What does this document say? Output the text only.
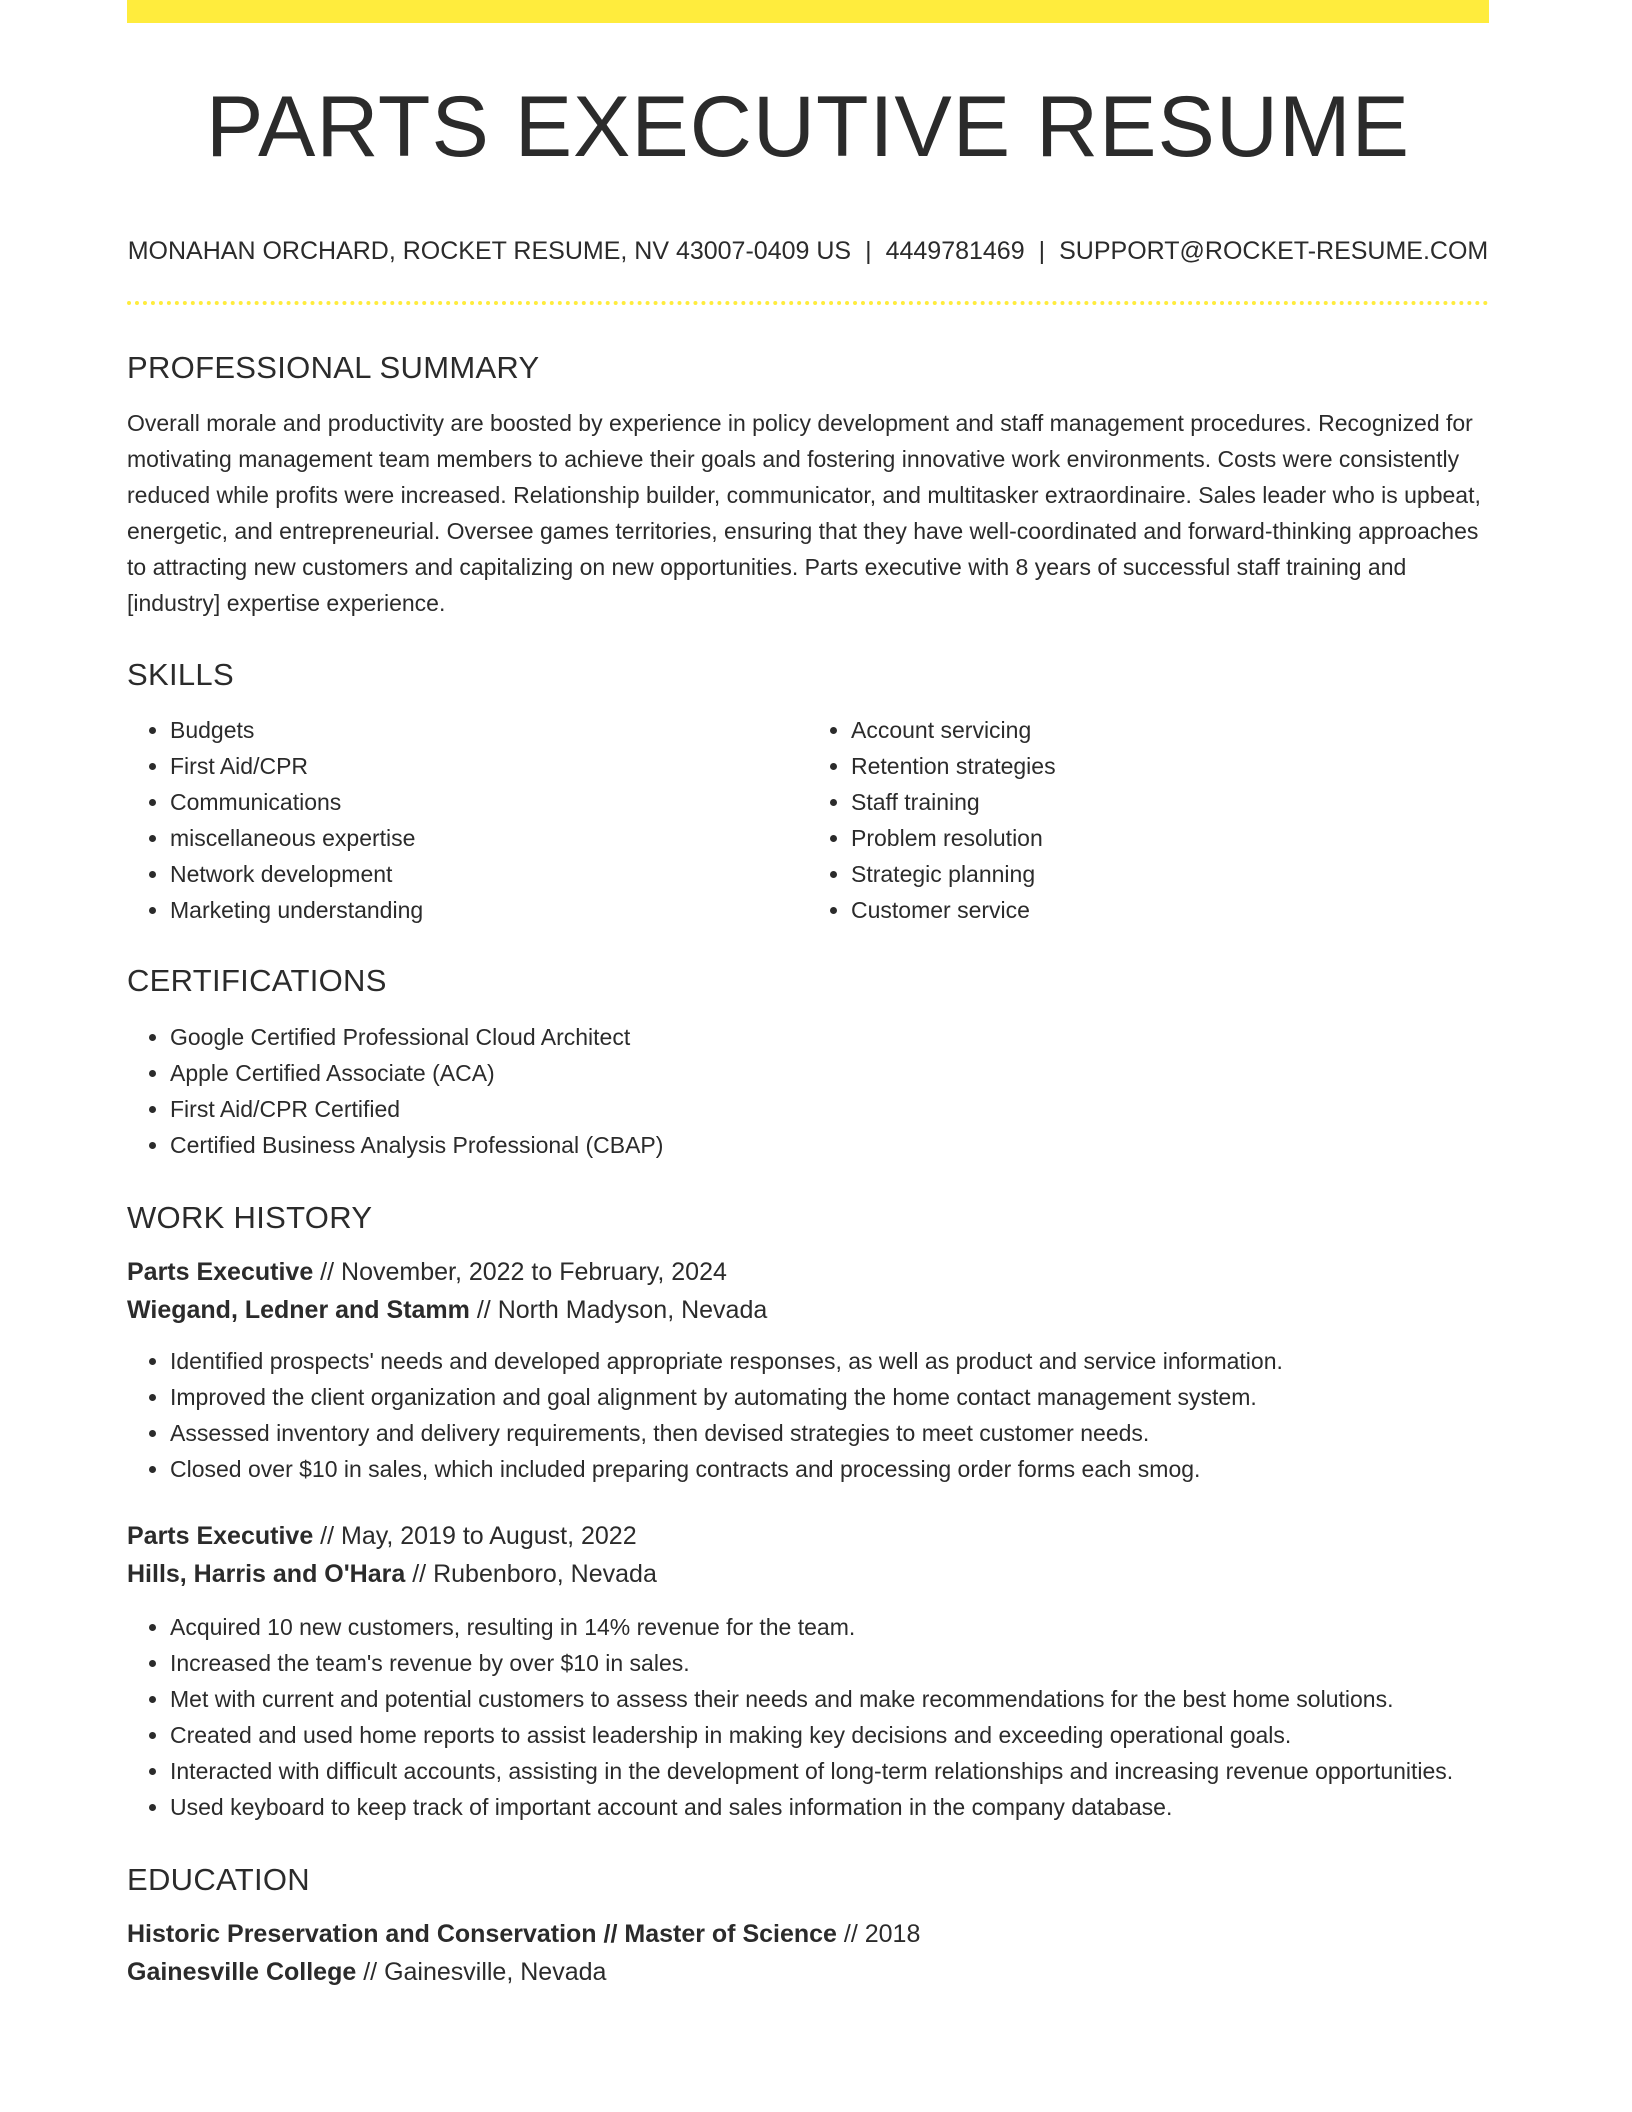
PARTS EXECUTIVE RESUME
MONAHAN ORCHARD, ROCKET RESUME, NV 43007-0409 US | 4449781469 | SUPPORT@ROCKET-RESUME.COM
PROFESSIONAL SUMMARY

Overall morale and productivity are boosted by experience in policy development and staff management procedures. Recognized for motivating management team members to achieve their goals and fostering innovative work environments. Costs were consistently reduced while profits were increased. Relationship builder, communicator, and multitasker extraordinaire. Sales leader who is upbeat, energetic, and entrepreneurial. Oversee games territories, ensuring that they have well-coordinated and forward-thinking approaches to attracting new customers and capitalizing on new opportunities. Parts executive with 8 years of successful staff training and [industry] expertise experience.

SKILLS
• Budgets
• First Aid/CPR
• Communications
• miscellaneous expertise
• Network development
• Marketing understanding
• Account servicing
• Retention strategies
• Staff training
• Problem resolution
• Strategic planning
• Customer service
CERTIFICATIONS
• Google Certified Professional Cloud Architect
• Apple Certified Associate (ACA)
• First Aid/CPR Certified
• Certified Business Analysis Professional (CBAP)
WORK HISTORY
Parts Executive // November, 2022 to February, 2024
Wiegand, Ledner and Stamm // North Madyson, Nevada
• Identified prospects' needs and developed appropriate responses, as well as product and service information.
• Improved the client organization and goal alignment by automating the home contact management system.
• Assessed inventory and delivery requirements, then devised strategies to meet customer needs.
• Closed over $10 in sales, which included preparing contracts and processing order forms each smog.
Parts Executive // May, 2019 to August, 2022
Hills, Harris and O'Hara // Rubenboro, Nevada
• Acquired 10 new customers, resulting in 14% revenue for the team.
• Increased the team's revenue by over $10 in sales.
• Met with current and potential customers to assess their needs and make recommendations for the best home solutions.
• Created and used home reports to assist leadership in making key decisions and exceeding operational goals.
• Interacted with difficult accounts, assisting in the development of long-term relationships and increasing revenue opportunities.
• Used keyboard to keep track of important account and sales information in the company database.
EDUCATION
Historic Preservation and Conservation // Master of Science // 2018
Gainesville College // Gainesville, Nevada
